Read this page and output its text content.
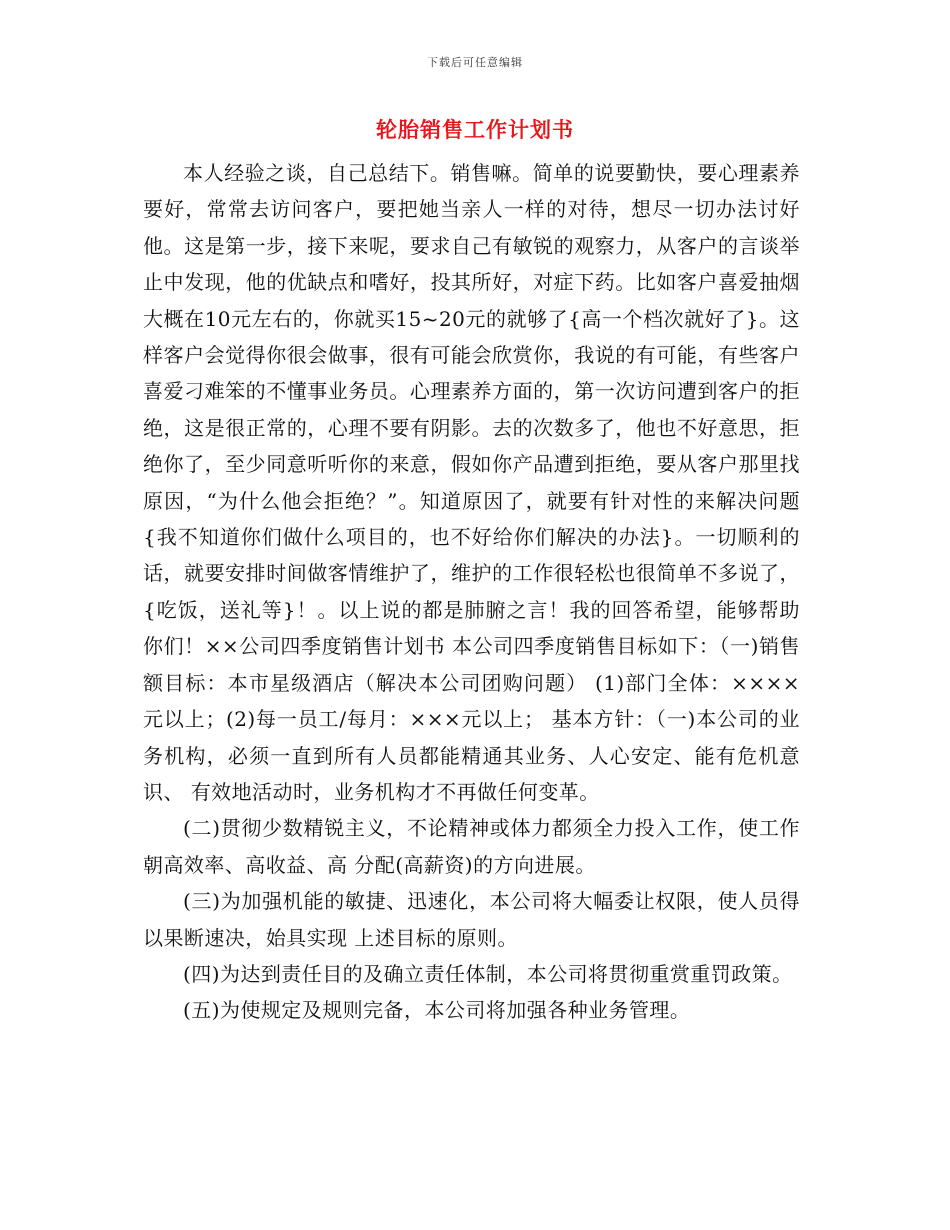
下载后可任意编辑
轮胎销售工作计划书

本人经验之谈，自己总结下。销售嘛。简单的说要勤快，要心理素养要好，常常去访问客户，要把她当亲人一样的对待，想尽一切办法讨好他。这是第一步，接下来呢，要求自己有敏锐的观察力，从客户的言谈举止中发现，他的优缺点和嗜好，投其所好，对症下药。比如客户喜爱抽烟大概在10元左右的，你就买15~20元的就够了{高一个档次就好了}。这样客户会觉得你很会做事，很有可能会欣赏你，我说的有可能，有些客户喜爱刁难笨的不懂事业务员。心理素养方面的，第一次访问遭到客户的拒绝，这是很正常的，心理不要有阴影。去的次数多了，他也不好意思，拒绝你了，至少同意听听你的来意，假如你产品遭到拒绝，要从客户那里找原因，“为什么他会拒绝？”。知道原因了，就要有针对性的来解决问题{我不知道你们做什么项目的，也不好给你们解决的办法}。一切顺利的话，就要安排时间做客情维护了，维护的工作很轻松也很简单不多说了，{吃饭，送礼等}！。以上说的都是肺腑之言！我的回答希望，能够帮助你们！××公司四季度销售计划书 本公司四季度销售目标如下：（一)销售额目标：本市星级酒店（解决本公司团购问题） (1)部门全体：××××元以上；(2)每一员工/每月：×××元以上； 基本方针：（一)本公司的业务机构，必须一直到所有人员都能精通其业务、人心安定、能有危机意识、 有效地活动时，业务机构才不再做任何变革。

(二)贯彻少数精锐主义，不论精神或体力都须全力投入工作，使工作朝高效率、高收益、高 分配(高薪资)的方向进展。

(三)为加强机能的敏捷、迅速化，本公司将大幅委让权限，使人员得以果断速决，始具实现 上述目标的原则。

(四)为达到责任目的及确立责任体制，本公司将贯彻重赏重罚政策。

(五)为使规定及规则完备，本公司将加强各种业务管理。
